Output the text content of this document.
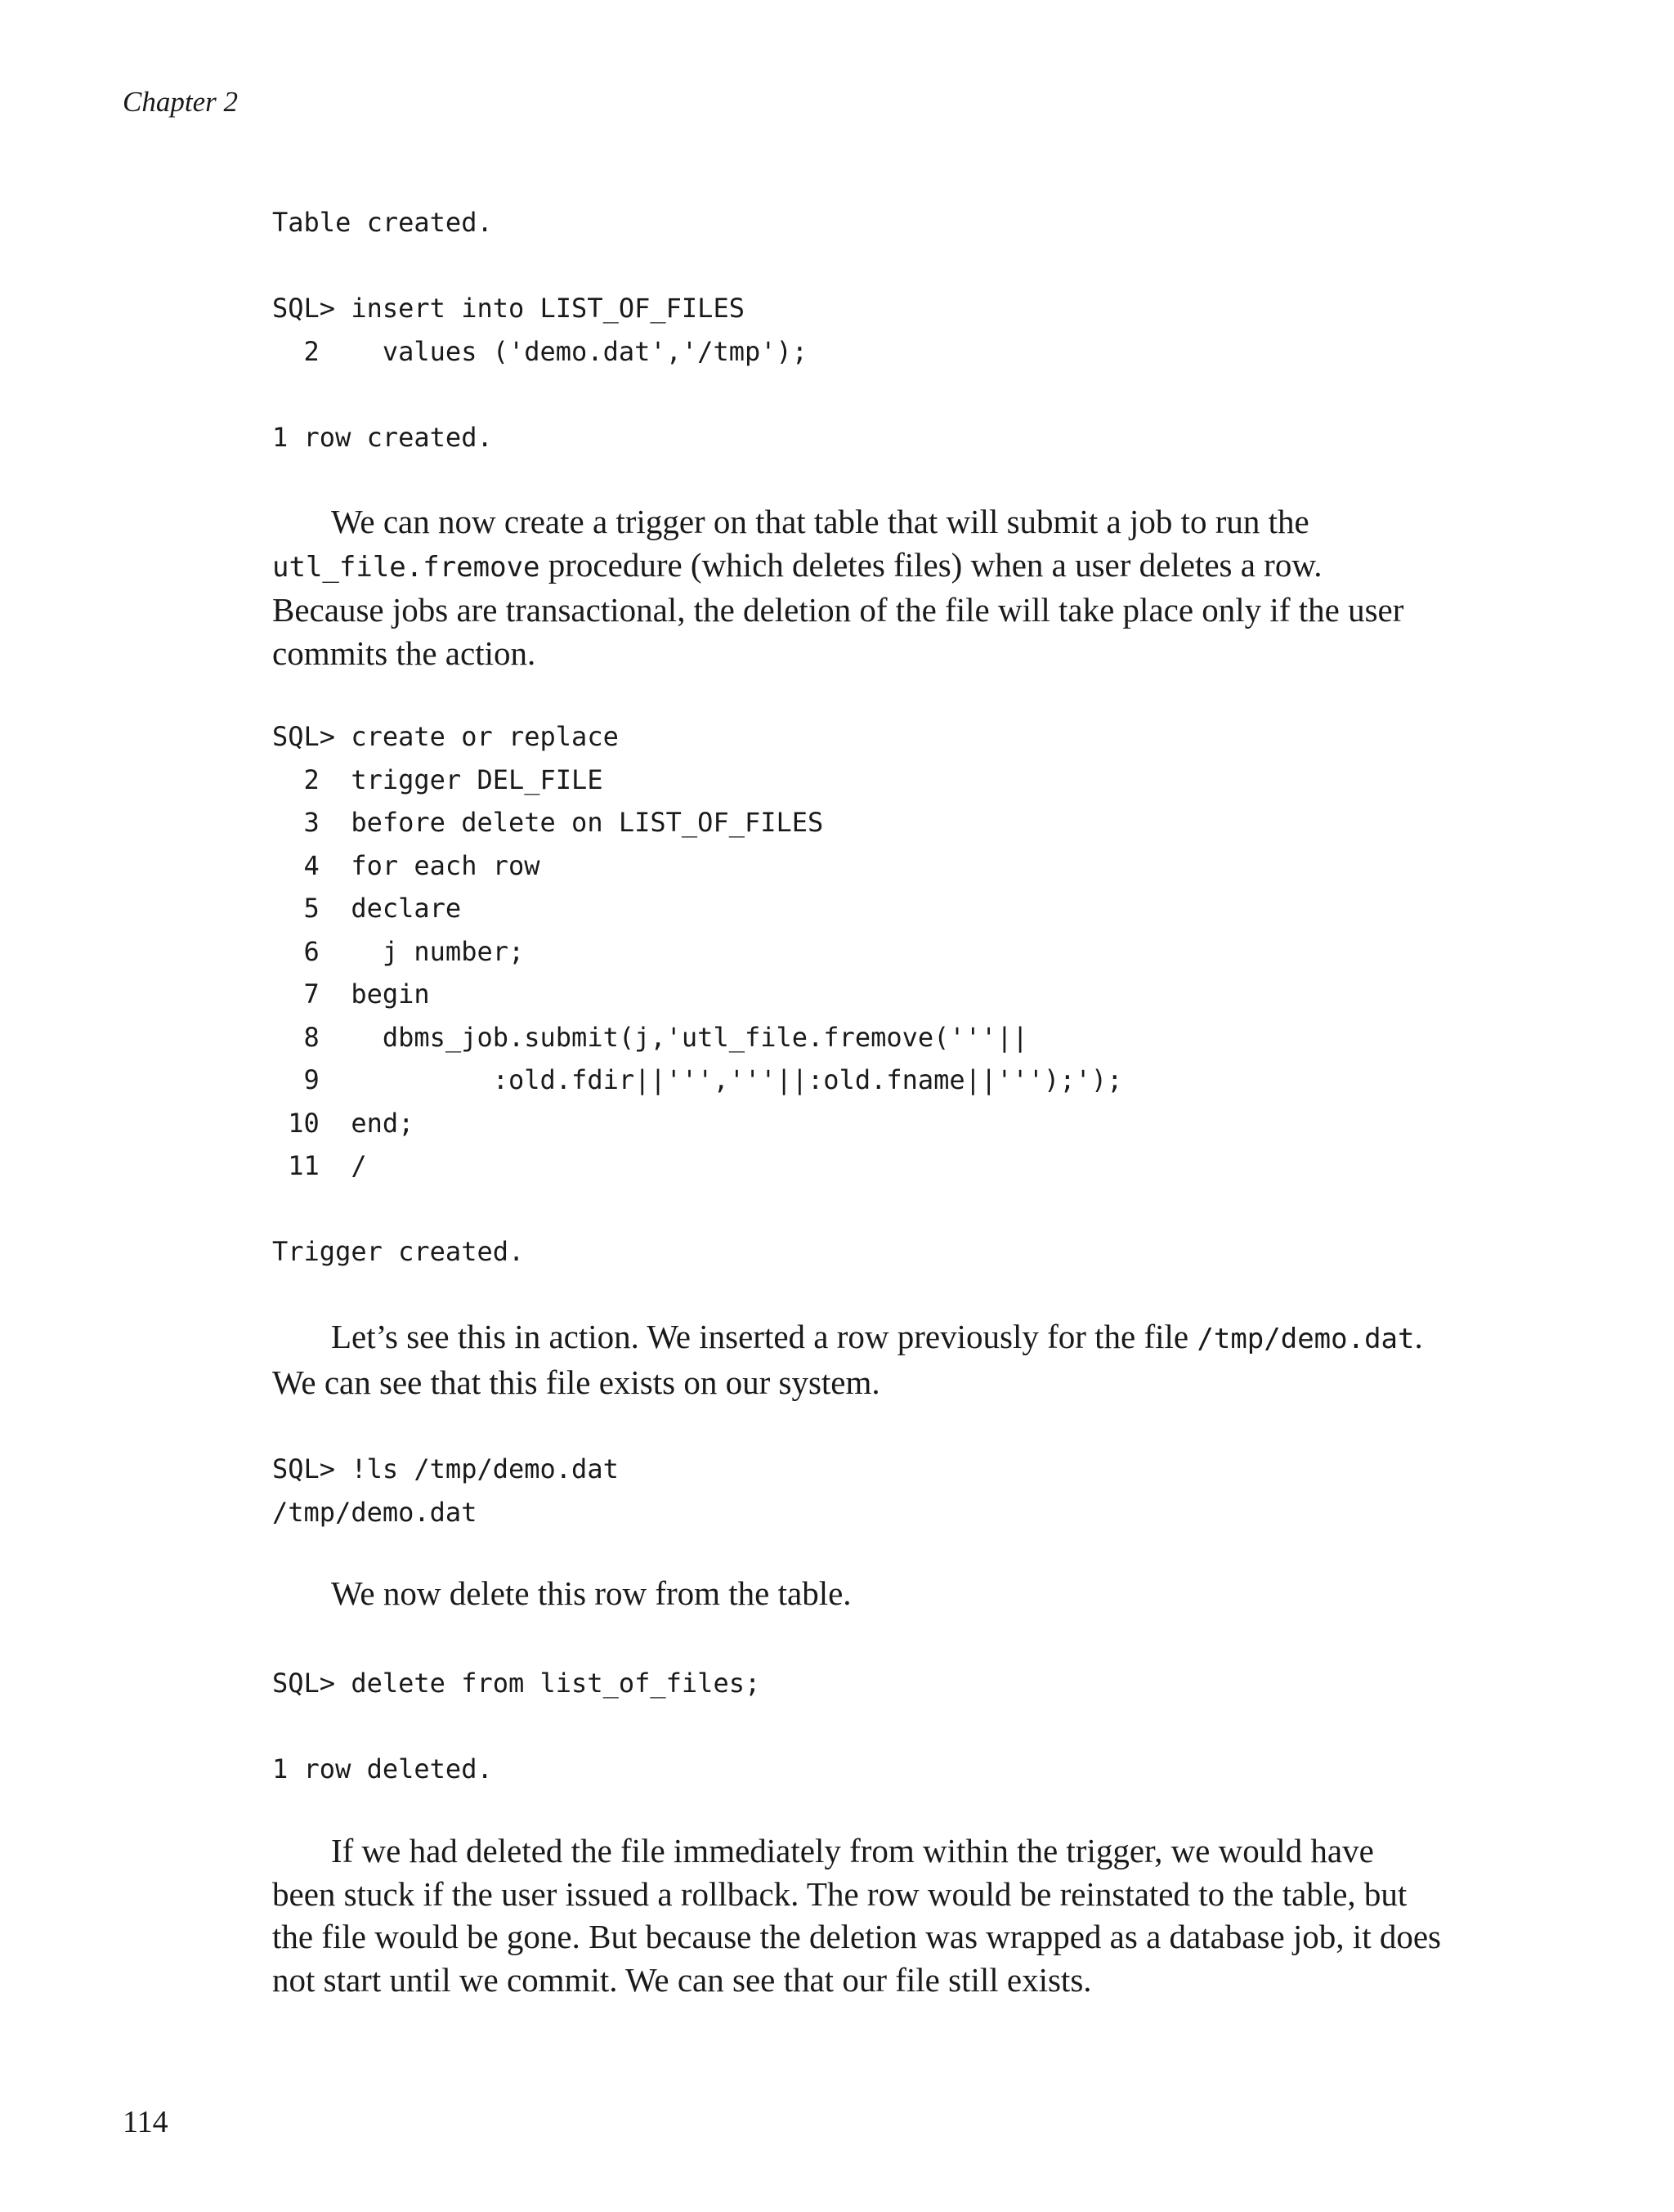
Chapter 2
Table created.
SQL> insert into LIST_OF_FILES
2    values ('demo.dat','/tmp');
1 row created.

We can now create a trigger on that table that will submit a job to run the utl_file.fremove procedure (which deletes files) when a user deletes a row. Because jobs are transactional, the deletion of the file will take place only if the user commits the action.

SQL> create or replace
2  trigger DEL_FILE
3  before delete on LIST_OF_FILES
4  for each row
5  declare
6    j number;
7  begin
8    dbms_job.submit(j,'utl_file.fremove('''||
9           :old.fdir||''','''||:old.fname||''');');
10  end;
11  /
Trigger created.

Let’s see this in action. We inserted a row previously for the file /tmp/demo.dat. We can see that this file exists on our system.

SQL> !ls /tmp/demo.dat
/tmp/demo.dat

We now delete this row from the table.

SQL> delete from list_of_files;
1 row deleted.

If we had deleted the file immediately from within the trigger, we would have been stuck if the user issued a rollback. The row would be reinstated to the table, but the file would be gone. But because the deletion was wrapped as a database job, it does not start until we commit. We can see that our file still exists.

114
